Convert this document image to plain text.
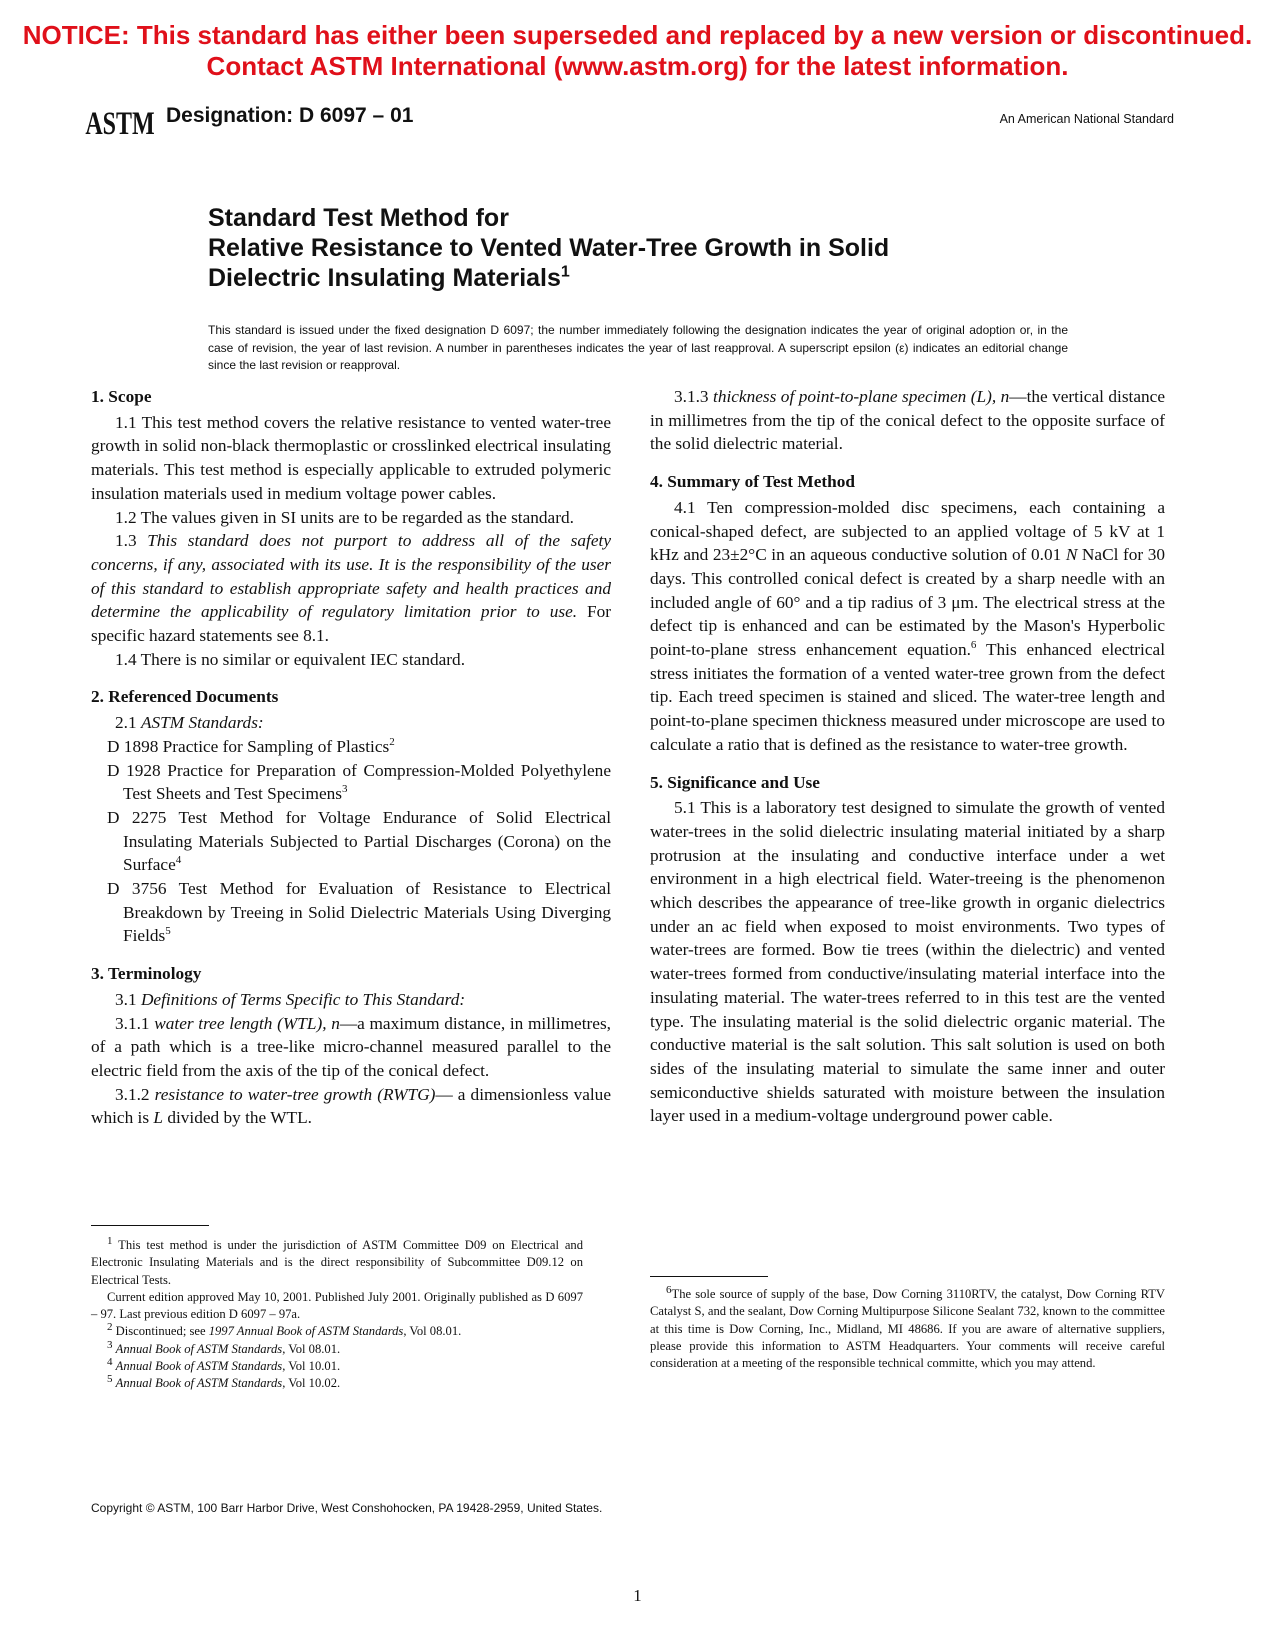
NOTICE: This standard has either been superseded and replaced by a new version or discontinued.
Contact ASTM International (www.astm.org) for the latest information.
ASTM Designation: D 6097 – 01	An American National Standard
Standard Test Method for
Relative Resistance to Vented Water-Tree Growth in Solid
Dielectric Insulating Materials$^1$
This standard is issued under the fixed designation D 6097; the number immediately following the designation indicates the year of original adoption or, in the case of revision, the year of last revision. A number in parentheses indicates the year of last reapproval. A superscript epsilon (ε) indicates an editorial change since the last revision or reapproval.
1. Scope

1.1 This test method covers the relative resistance to vented water-tree growth in solid non-black thermoplastic or crosslinked electrical insulating materials. This test method is especially applicable to extruded polymeric insulation materials used in medium voltage power cables.

1.2 The values given in SI units are to be regarded as the standard.

1.3 This standard does not purport to address all of the safety concerns, if any, associated with its use. It is the responsibility of the user of this standard to establish appropriate safety and health practices and determine the applicability of regulatory limitation prior to use. For specific hazard statements see 8.1.

1.4 There is no similar or equivalent IEC standard.

2. Referenced Documents

2.1 ASTM Standards:

D 1898 Practice for Sampling of Plastics$^2$

D 1928 Practice for Preparation of Compression-Molded Polyethylene Test Sheets and Test Specimens$^3$

D 2275 Test Method for Voltage Endurance of Solid Electrical Insulating Materials Subjected to Partial Discharges (Corona) on the Surface$^4$

D 3756 Test Method for Evaluation of Resistance to Electrical Breakdown by Treeing in Solid Dielectric Materials Using Diverging Fields$^5$

3. Terminology

3.1 Definitions of Terms Specific to This Standard:

3.1.1 water tree length (WTL), n—a maximum distance, in millimetres, of a path which is a tree-like micro-channel measured parallel to the electric field from the axis of the tip of the conical defect.

3.1.2 resistance to water-tree growth (RWTG)— a dimensionless value which is L divided by the WTL.

$^1$ This test method is under the jurisdiction of ASTM Committee D09 on Electrical and Electronic Insulating Materials and is the direct responsibility of Subcommittee D09.12 on Electrical Tests.

Current edition approved May 10, 2001. Published July 2001. Originally published as D 6097 – 97. Last previous edition D 6097 – 97a.

$^2$ Discontinued; see 1997 Annual Book of ASTM Standards, Vol 08.01.

$^3$ Annual Book of ASTM Standards, Vol 08.01.

$^4$ Annual Book of ASTM Standards, Vol 10.01.

$^5$ Annual Book of ASTM Standards, Vol 10.02.

3.1.3 thickness of point-to-plane specimen (L), n—the vertical distance in millimetres from the tip of the conical defect to the opposite surface of the solid dielectric material.

4. Summary of Test Method

4.1 Ten compression-molded disc specimens, each containing a conical-shaped defect, are subjected to an applied voltage of 5 kV at 1 kHz and 23±2°C in an aqueous conductive solution of 0.01 N NaCl for 30 days. This controlled conical defect is created by a sharp needle with an included angle of 60° and a tip radius of 3 μm. The electrical stress at the defect tip is enhanced and can be estimated by the Mason's Hyperbolic point-to-plane stress enhancement equation.$^6$ This enhanced electrical stress initiates the formation of a vented water-tree grown from the defect tip. Each treed specimen is stained and sliced. The water-tree length and point-to-plane specimen thickness measured under microscope are used to calculate a ratio that is defined as the resistance to water-tree growth.

5. Significance and Use

5.1 This is a laboratory test designed to simulate the growth of vented water-trees in the solid dielectric insulating material initiated by a sharp protrusion at the insulating and conductive interface under a wet environment in a high electrical field. Water-treeing is the phenomenon which describes the appearance of tree-like growth in organic dielectrics under an ac field when exposed to moist environments. Two types of water-trees are formed. Bow tie trees (within the dielectric) and vented water-trees formed from conductive/insulating material interface into the insulating material. The water-trees referred to in this test are the vented type. The insulating material is the solid dielectric organic material. The conductive material is the salt solution. This salt solution is used on both sides of the insulating material to simulate the same inner and outer semiconductive shields saturated with moisture between the insulation layer used in a medium-voltage underground power cable.

$^6$The sole source of supply of the base, Dow Corning 3110RTV, the catalyst, Dow Corning RTV Catalyst S, and the sealant, Dow Corning Multipurpose Silicone Sealant 732, known to the committee at this time is Dow Corning, Inc., Midland, MI 48686. If you are aware of alternative suppliers, please provide this information to ASTM Headquarters. Your comments will receive careful consideration at a meeting of the responsible technical committe, which you may attend.

Copyright © ASTM, 100 Barr Harbor Drive, West Conshohocken, PA 19428-2959, United States.
1
